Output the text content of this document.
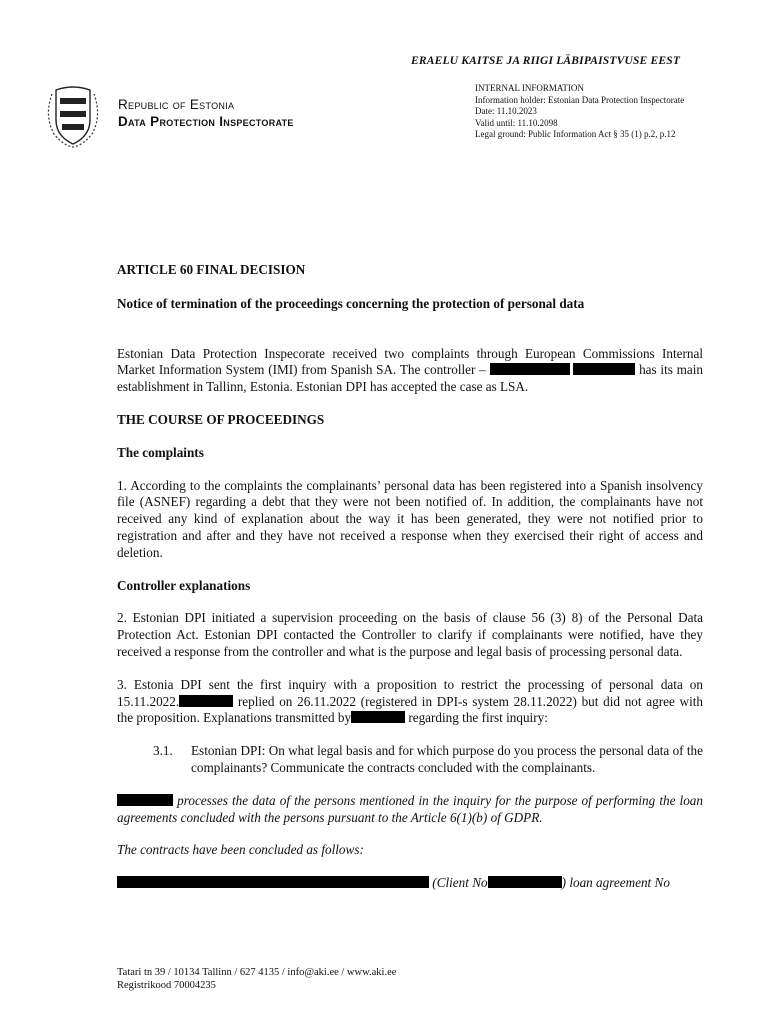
ERAELU KAITSE JA RIIGI LÄBIPAISTVUSE EEST
Republic of Estonia
Data Protection Inspectorate
INTERNAL INFORMATION
Information holder: Estonian Data Protection Inspectorate
Date: 11.10.2023
Valid until: 11.10.2098
Legal ground: Public Information Act § 35 (1) p.2, p.12

ARTICLE 60 FINAL DECISION

Notice of termination of the proceedings concerning the protection of personal data

Estonian Data Protection Inspecorate received two complaints through European Commissions Internal Market Information System (IMI) from Spanish SA. The controller –	has its main establishment in Tallinn, Estonia. Estonian DPI has accepted the case as LSA.

THE COURSE OF PROCEEDINGS

The complaints

1. According to the complaints the complainants’ personal data has been registered into a Spanish insolvency file (ASNEF) regarding a debt that they were not been notified of. In addition, the complainants have not received any kind of explanation about the way it has been generated, they were not notified prior to registration and after and they have not received a response when they exercised their right of access and deletion.

Controller explanations

2. Estonian DPI initiated a supervision proceeding on the basis of clause 56 (3) 8) of the Personal Data Protection Act. Estonian DPI contacted the Controller to clarify if complainants were notified, have they received a response from the controller and what is the purpose and legal basis of processing personal data.

3. Estonia DPI sent the first inquiry with a proposition to restrict the processing of personal data on 15.11.2022.	replied on 26.11.2022 (registered in DPI-s system 28.11.2022) but did not agree with the proposition. Explanations transmitted by	regarding the first inquiry:

3.1.	Estonian DPI: On what legal basis and for which purpose do you process the personal data of the complainants? Communicate the contracts concluded with the complainants.

processes the data of the persons mentioned in the inquiry for the purpose of performing the loan agreements concluded with the persons pursuant to the Article 6(1)(b) of GDPR.

The contracts have been concluded as follows:

(Client No	) loan agreement No

Tatari tn 39 / 10134 Tallinn / 627 4135 / info@aki.ee / www.aki.ee
Registrikood 70004235
